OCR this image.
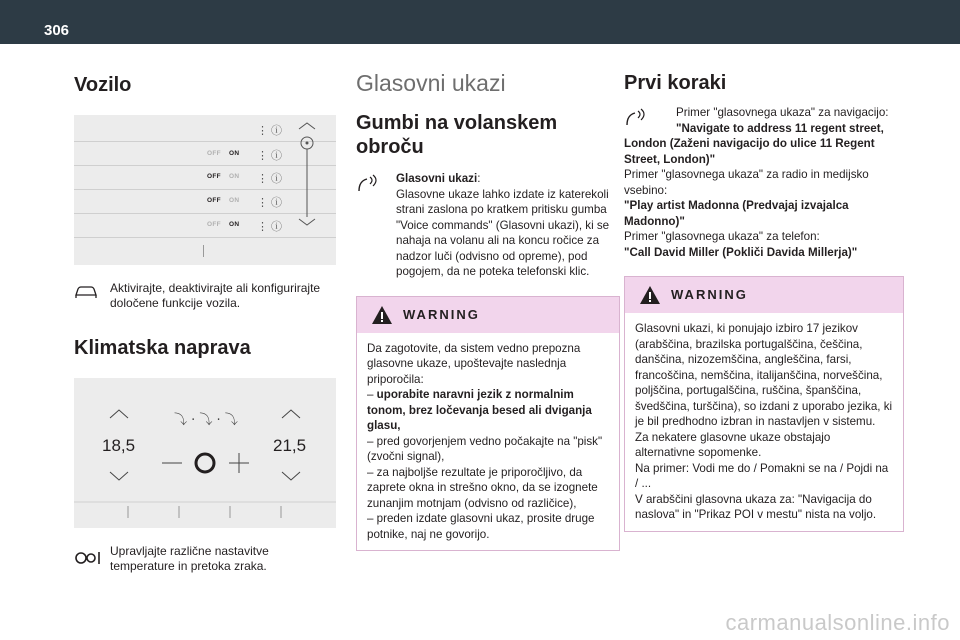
306
Vozilo
OFF ON ⋮ ⓘ
⋮ ⓘ
OFF ON ⋮ ⓘ
OFF ON ⋮ ⓘ
OFF ON ⋮ ⓘ
Aktivirajte, deaktivirajte ali konfigurirajte določene funkcije vozila.
Klimatska naprava
⤵ · ⤵ · ⤵
18,5	21,5
Upravljajte različne nastavitve temperature in pretoka zraka.
Glasovni ukazi
Gumbi na volanskem obroču
Glasovni ukazi:
Glasovne ukaze lahko izdate iz katerekoli strani zaslona po kratkem pritisku gumba "Voice commands" (Glasovni ukazi), ki se nahaja na volanu ali na koncu ročice za nadzor luči (odvisno od opreme), pod pogojem, da ne poteka telefonski klic.
WARNING

Da zagotovite, da sistem vedno prepozna glasovne ukaze, upoštevajte naslednja priporočila:

– uporabite naravni jezik z normalnim tonom, brez ločevanja besed ali dviganja glasu,

– pred govorjenjem vedno počakajte na "pisk" (zvočni signal),

– za najboljše rezultate je priporočljivo, da zaprete okna in strešno okno, da se izognete zunanjim motnjam (odvisno od različice),

– preden izdate glasovni ukaz, prosite druge potnike, naj ne govorijo.

Prvi koraki

Primer "glasovnega ukaza" za navigacijo:

"Navigate to address 11 regent street, London (Zaženi navigacijo do ulice 11 Regent Street, London)"

Primer "glasovnega ukaza" za radio in medijsko vsebino:

"Play artist Madonna (Predvajaj izvajalca Madonno)"

Primer "glasovnega ukaza" za telefon:

"Call David Miller (Pokliči Davida Millerja)"

WARNING
Glasovni ukazi, ki ponujajo izbiro 17 jezikov (arabščina, brazilska portugalščina, češčina, danščina, nizozemščina, angleščina, farsi, francoščina, nemščina, italijanščina, norveščina, poljščina, portugalščina, ruščina, španščina, švedščina, turščina), so izdani z uporabo jezika, ki je bil predhodno izbran in nastavljen v sistemu.
Za nekatere glasovne ukaze obstajajo alternativne sopomenke.
Na primer: Vodi me do / Pomakni se na / Pojdi na / ...
V arabščini glasovna ukaza za: "Navigacija do naslova" in "Prikaz POI v mestu" nista na voljo.
carmanualsonline.info
